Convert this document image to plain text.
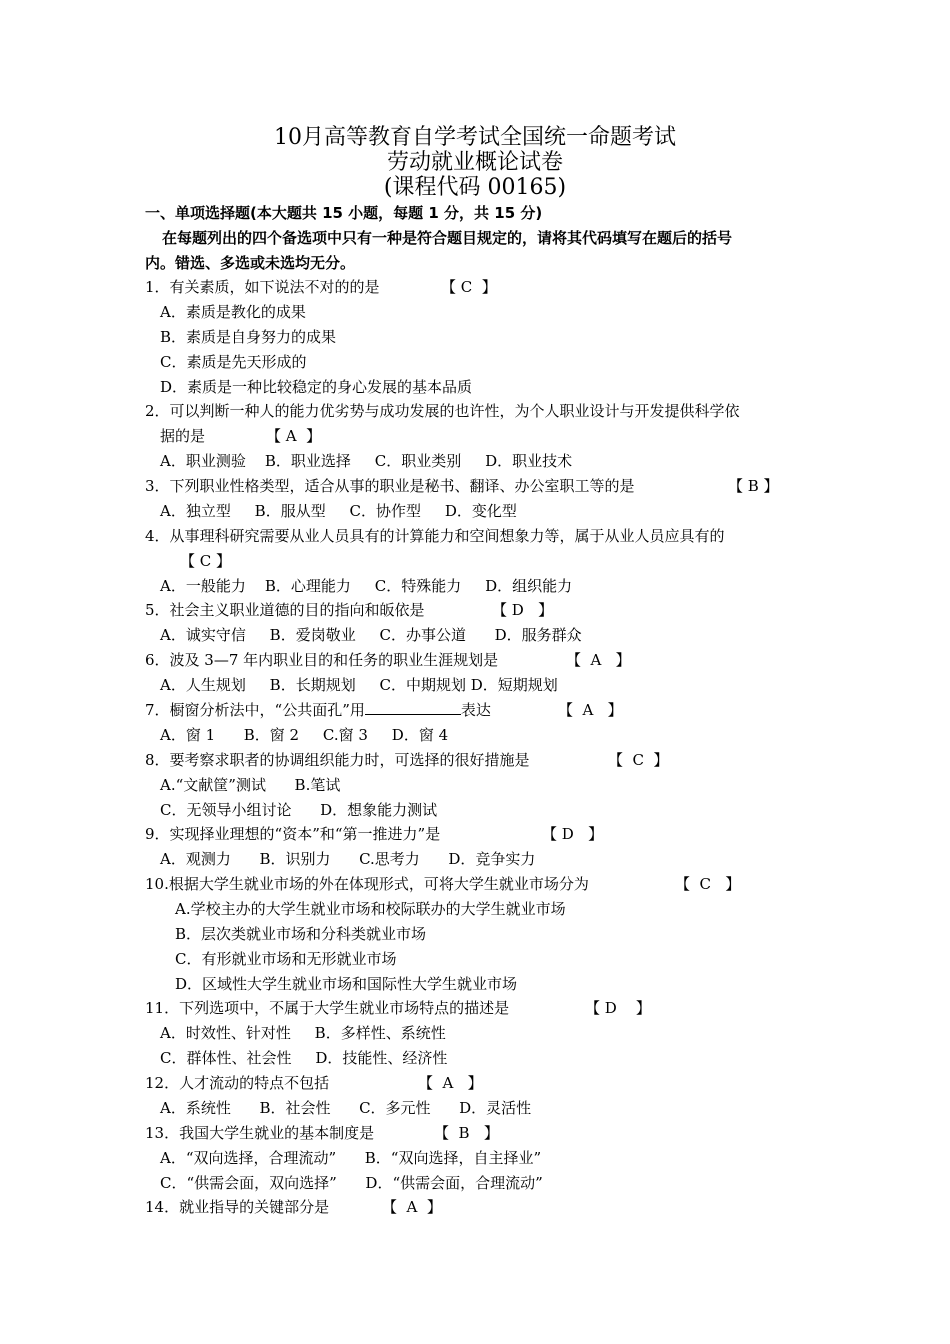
10月高等教育自学考试全国统一命题考试
劳动就业概论试卷
(课程代码 00165)
一、单项选择题(本大题共 15 小题，每题 1 分，共 15 分)
在每题列出的四个备选项中只有一种是符合题目规定的，请将其代码填写在题后的括号
内。错选、多选或未选均无分。
1．有关素质，如下说法不对的的是	【 C  】
A．素质是教化的成果
B．素质是自身努力的成果
C．素质是先天形成的
D．素质是一种比较稳定的身心发展的基本品质
2．可以判断一种人的能力优劣势与成功发展的也许性，为个人职业设计与开发提供科学依
据的是	【 A  】
A．职业测验    B．职业选择     C．职业类别     D．职业技术
3．下列职业性格类型，适合从事的职业是秘书、翻译、办公室职工等的是	【 B 】
A．独立型     B．服从型     C．协作型     D．变化型
4．从事理科研究需要从业人员具有的计算能力和空间想象力等，属于从业人员应具有的
【 C 】
A．一般能力    B．心理能力     C．特殊能力     D．组织能力
5．社会主义职业道德的目的指向和皈依是	【 D   】
A．诚实守信     B．爱岗敬业     C．办事公道      D．服务群众
6．波及 3—7 年内职业目的和任务的职业生涯规划是	【  A   】
A．人生规划     B．长期规划     C．中期规划 D．短期规划
7．橱窗分析法中，“公共面孔”用	表达	【  A   】
A．窗 1      B．窗 2     C.窗 3     D．窗 4
8．要考察求职者的协调组织能力时，可选择的很好措施是	【  C  】
A.“文献筐”测试      B.笔试
C．无领导小组讨论      D．想象能力测试
9．实现择业理想的“资本”和“第一推进力”是	【 D   】
A．观测力      B．识别力      C.思考力      D．竞争实力
10.根据大学生就业市场的外在体现形式，可将大学生就业市场分为	【  C   】
A.学校主办的大学生就业市场和校际联办的大学生就业市场
B．层次类就业市场和分科类就业市场
C．有形就业市场和无形就业市场
D．区域性大学生就业市场和国际性大学生就业市场
11．下列选项中，不属于大学生就业市场特点的描述是	【 D    】
A．时效性、针对性     B．多样性、系统性
C．群体性、社会性     D．技能性、经济性
12．人才流动的特点不包括	【  A   】
A．系统性      B．社会性      C．多元性      D．灵活性
13．我国大学生就业的基本制度是	【  B   】
A．“双向选择，合理流动”      B．“双向选择，自主择业”
C．“供需会面，双向选择”      D．“供需会面，合理流动”
14．就业指导的关键部分是	【  A  】
